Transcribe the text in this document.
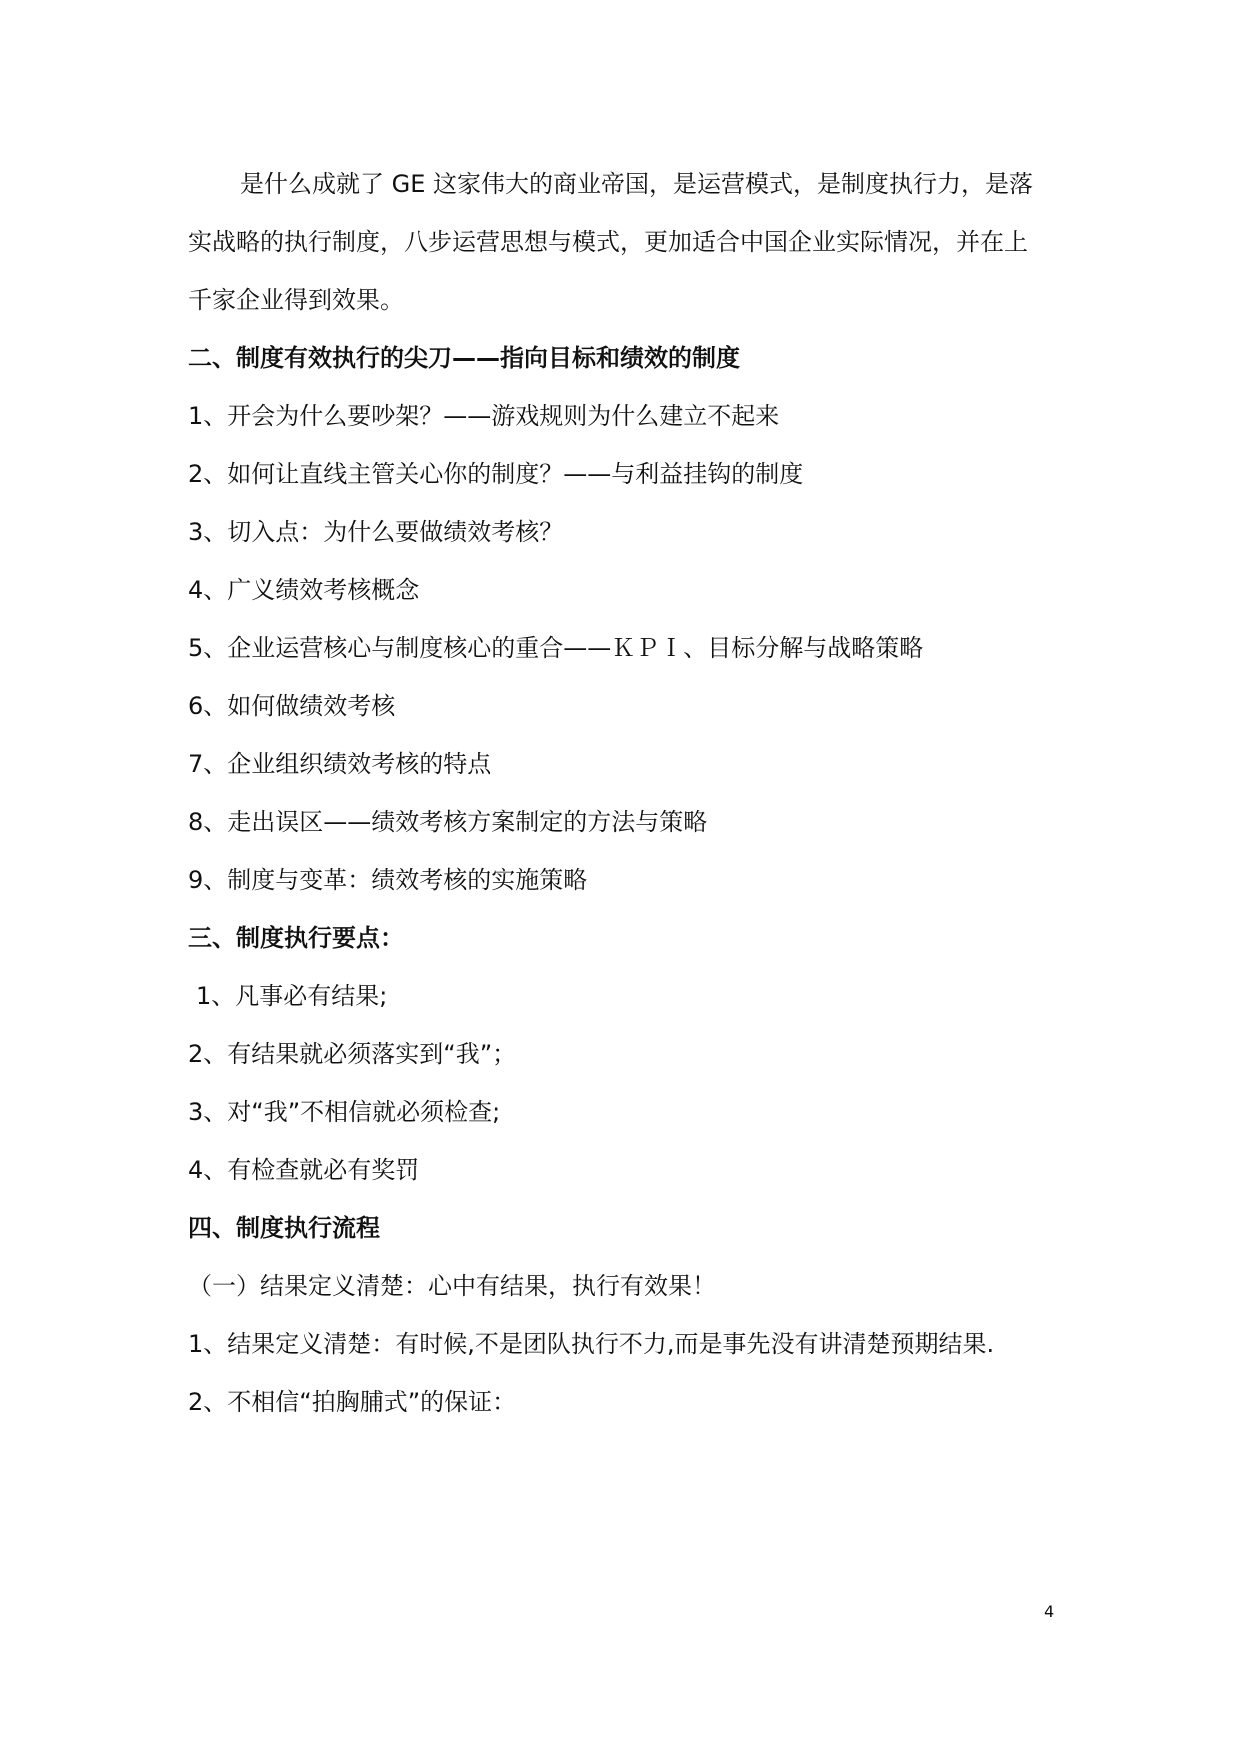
是什么成就了 GE 这家伟大的商业帝国，是运营模式，是制度执行力，是落
实战略的执行制度，八步运营思想与模式，更加适合中国企业实际情况，并在上
千家企业得到效果。
二、制度有效执行的尖刀——指向目标和绩效的制度
1、开会为什么要吵架？——游戏规则为什么建立不起来
2、如何让直线主管关心你的制度？——与利益挂钩的制度
3、切入点：为什么要做绩效考核？
4、广义绩效考核概念
5、企业运营核心与制度核心的重合——ＫＰＩ、目标分解与战略策略
6、如何做绩效考核
7、企业组织绩效考核的特点
8、走出误区——绩效考核方案制定的方法与策略
9、制度与变革：绩效考核的实施策略
三、制度执行要点：
1、凡事必有结果;
2、有结果就必须落实到“我”；
3、对“我”不相信就必须检查;
4、有检查就必有奖罚
四、制度执行流程
（一）结果定义清楚：心中有结果，执行有效果！
1、结果定义清楚：有时候,不是团队执行不力,而是事先没有讲清楚预期结果.
2、不相信“拍胸脯式”的保证：
4
